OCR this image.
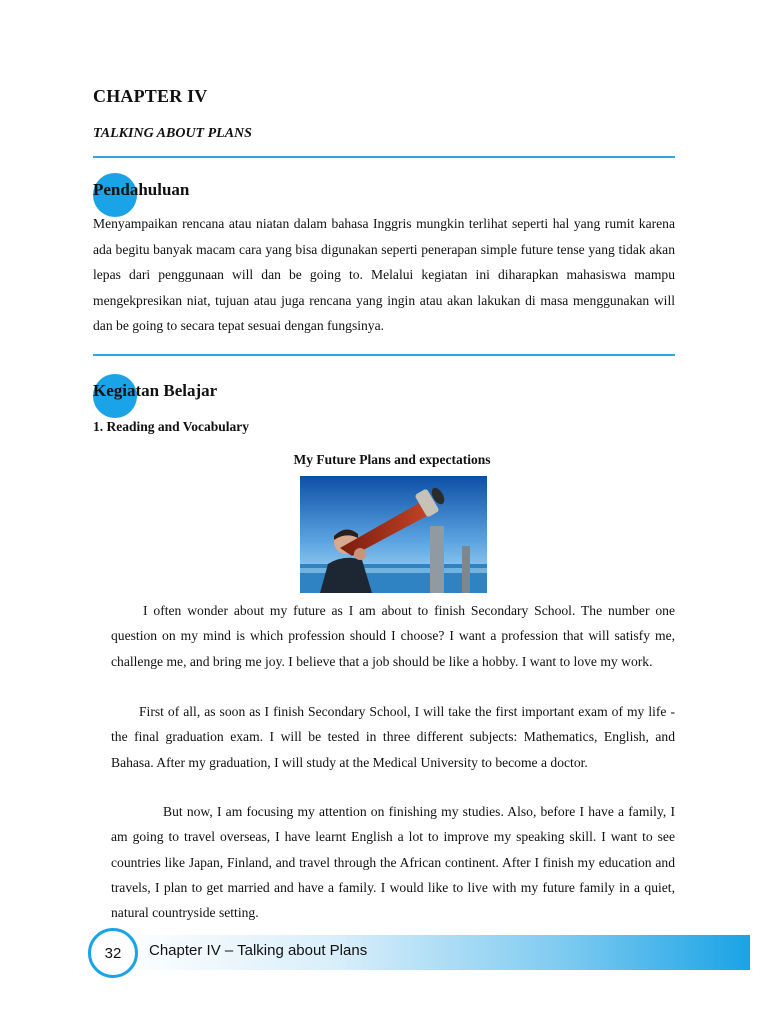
CHAPTER IV
TALKING ABOUT PLANS
Pendahuluan
Menyampaikan rencana atau niatan dalam bahasa Inggris mungkin terlihat seperti hal yang rumit karena ada begitu banyak macam cara yang bisa digunakan seperti penerapan simple future tense yang tidak akan lepas dari penggunaan will dan be going to. Melalui kegiatan ini diharapkan mahasiswa mampu mengekpresikan niat, tujuan atau juga rencana yang ingin atau akan lakukan di masa menggunakan will dan be going to secara tepat sesuai dengan fungsinya.
Kegiatan Belajar
1. Reading and Vocabulary
My Future Plans and expectations
I often wonder about my future as I am about to finish Secondary School. The number one question on my mind is which profession should I choose? I want a profession that will satisfy me, challenge me, and bring me joy. I believe that a job should be like a hobby. I want to love my work.
First of all, as soon as I finish Secondary School, I will take the first important exam of my life - the final graduation exam. I will be tested in three different subjects: Mathematics, English, and Bahasa. After my graduation, I will study at the Medical University to become a doctor.
But now, I am focusing my attention on finishing my studies. Also, before I have a family, I am going to travel overseas, I have learnt English a lot to improve my speaking skill. I want to see countries like Japan, Finland, and travel through the African continent. After I finish my education and travels, I plan to get married and have a family. I would like to live with my future family in a quiet, natural countryside setting.
Chapter IV – Talking about Plans
32
